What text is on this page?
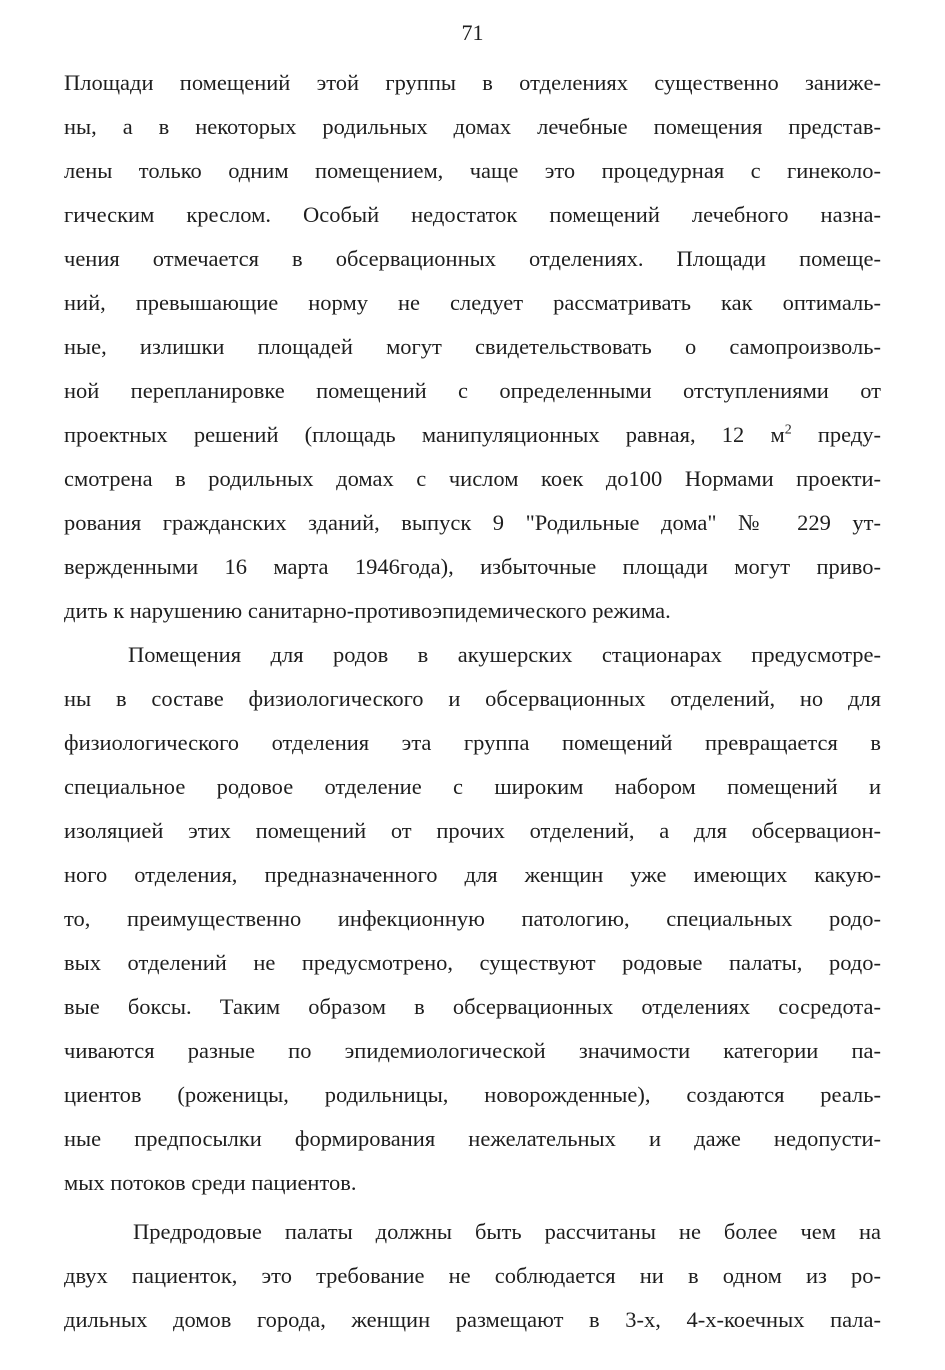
71
Площади помещений этой группы в отделениях существенно занижe-
ны, а в некоторых родильных домах лечебные помещения представ-
лены только одним помещением, чаще это процедурная с гинеколо-
гическим креслом. Особый недостаток помещений лечебного назна-
чения отмечается в обсервационных отделениях. Площади помеще-
ний, превышающие норму не следует рассматривать как оптималь-
ные, излишки площадей могут свидетельствовать о самопроизволь-
ной перепланировке помещений с определенными отступлениями от
проектных решений (площадь манипуляционных равная, 12 $м^2$ преду-
смотрена в родильных домах с числом коек до100 Нормами проекти-
рования гражданских зданий, выпуск 9 "Родильные дома" № 229 ут-
вержденными 16 марта 1946года), избыточные площади могут приво-
дить к нарушению санитарно-противоэпидемического режима.
Помещения для родов в акушерских стационарах предусмотре-
ны в составе физиологического и обсервационных отделений, но для
физиологического отделения эта группа помещений превращается в
специальное родовое отделение с широким набором помещений и
изоляцией этих помещений от прочих отделений, а для обсервацион-
ного отделения, предназначенного для женщин уже имеющих какую-
то, преимущественно инфекционную патологию, специальных родо-
вых отделений не предусмотрено, существуют родовые палаты, родо-
вые боксы. Таким образом в обсервационных отделениях сосредота-
чиваются разные по эпидемиологической значимости категории па-
циентов (роженицы, родильницы, новорожденные), создаются реаль-
ные предпосылки формирования нежелательных и даже недопусти-
мых потоков среди пациентов.
Предродовые палаты должны быть рассчитаны не более чем на
двух пациенток, это требование не соблюдается ни в одном из ро-
дильных домов города, женщин размещают в 3-х, 4-х-коечных пала-
